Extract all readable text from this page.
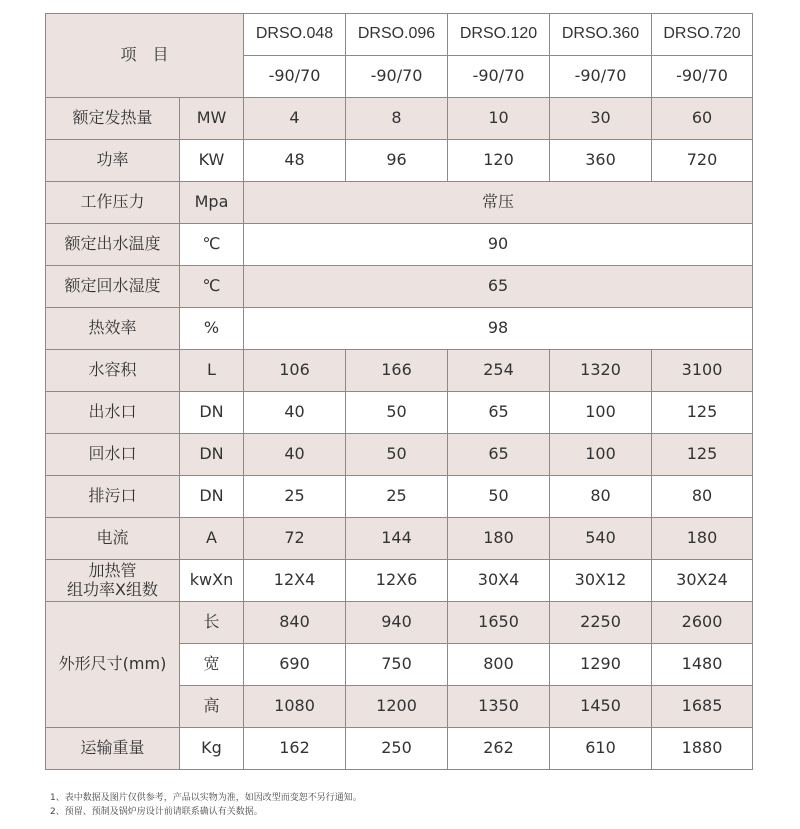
项　目		DRSO.048	DRSO.096	DRSO.120	DRSO.360	DRSO.720
		-90/70	-90/70	-90/70	-90/70	-90/70
额定发热量	MW	4	8	10	30	60
功率	KW	48	96	120	360	720
工作压力	Mpa	常压				
额定出水温度	℃	90				
额定回水湿度	℃	65				
热效率	%	98				
水容积	L	106	166	254	1320	3100
出水口	DN	40	50	65	100	125
回水口	DN	40	50	65	100	125
排污口	DN	25	25	50	80	80
电流	A	72	144	180	540	180

加热管
组功率X组数	kwXn	12X4	12X6	30X4	30X12	30X24
外形尺寸(mm)	长	840	940	1650	2250	2600
	宽	690	750	800	1290	1480
	高	1080	1200	1350	1450	1685
运输重量	Kg	162	250	262	610	1880
1、表中数据及图片仅供参考，产品以实物为准，如因改型而变恕不另行通知。
2、预留、预制及锅炉房设计前请联系确认有关数据。
